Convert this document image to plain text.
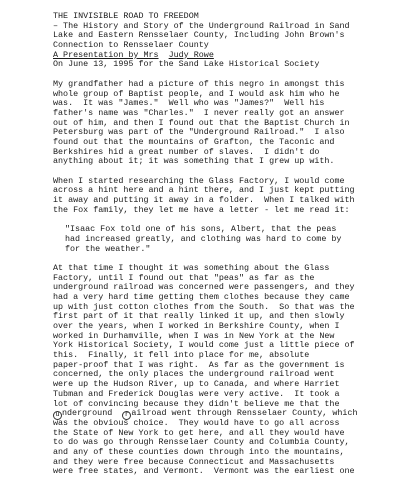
THE INVISIBLE ROAD TO FREEDOM
– The History and Story of the Underground Railroad in Sand
Lake and Eastern Rensselaer County, Including John Brown's
Connection to Rensselaer County
A Presentation by Mrs Judy Rowe
On June 13, 1995 for the Sand Lake Historical Society
My grandfather had a picture of this negro in amongst this
whole group of Baptist people, and I would ask him who he
was.  It was "James."  Well who was "James?"  Well his
father's name was "Charles."  I never really got an answer
out of him, and then I found out that the Baptist Church in
Petersburg was part of the "Underground Railroad."  I also
found out that the mountains of Grafton, the Taconic and
Berkshires hid a great number of slaves.  I didn't do
anything about it; it was something that I grew up with.
When I started researching the Glass Factory, I would come
across a hint here and a hint there, and I just kept putting
it away and putting it away in a folder.  When I talked with
the Fox family, they let me have a letter - let me read it:
"Isaac Fox told one of his sons, Albert, that the peas
had increased greatly, and clothing was hard to come by
for the weather."
At that time I thought it was something about the Glass
Factory, until I found out that "peas" as far as the
underground railroad was concerned were passengers, and they
had a very hard time getting them clothes because they came
up with just cotton clothes from the South.  So that was the
first part of it that really linked it up, and then slowly
over the years, when I worked in Berkshire County, when I
worked in Durhamville, when I was in New York at the New
York Historical Society, I would come just a little piece of
this.  Finally, it fell into place for me, absolute
paper-proof that I was right.  As far as the government is
concerned, the only places the underground railroad went
were up the Hudson River, up to Canada, and where Harriet
Tubman and Frederick Douglas were very active.  It took a
lot of convincing because they didn't believe me that the
u nderground  r ailroad went through Rensselaer County, which
was the obvious choice.  They would have to go all across
the State of New York to get here, and all they would have
to do was go through Rensselaer County and Columbia County,
and any of these counties down through into the mountains,
and they were free because Connecticut and Massachusetts
were free states, and Vermont.  Vermont was the earliest one
